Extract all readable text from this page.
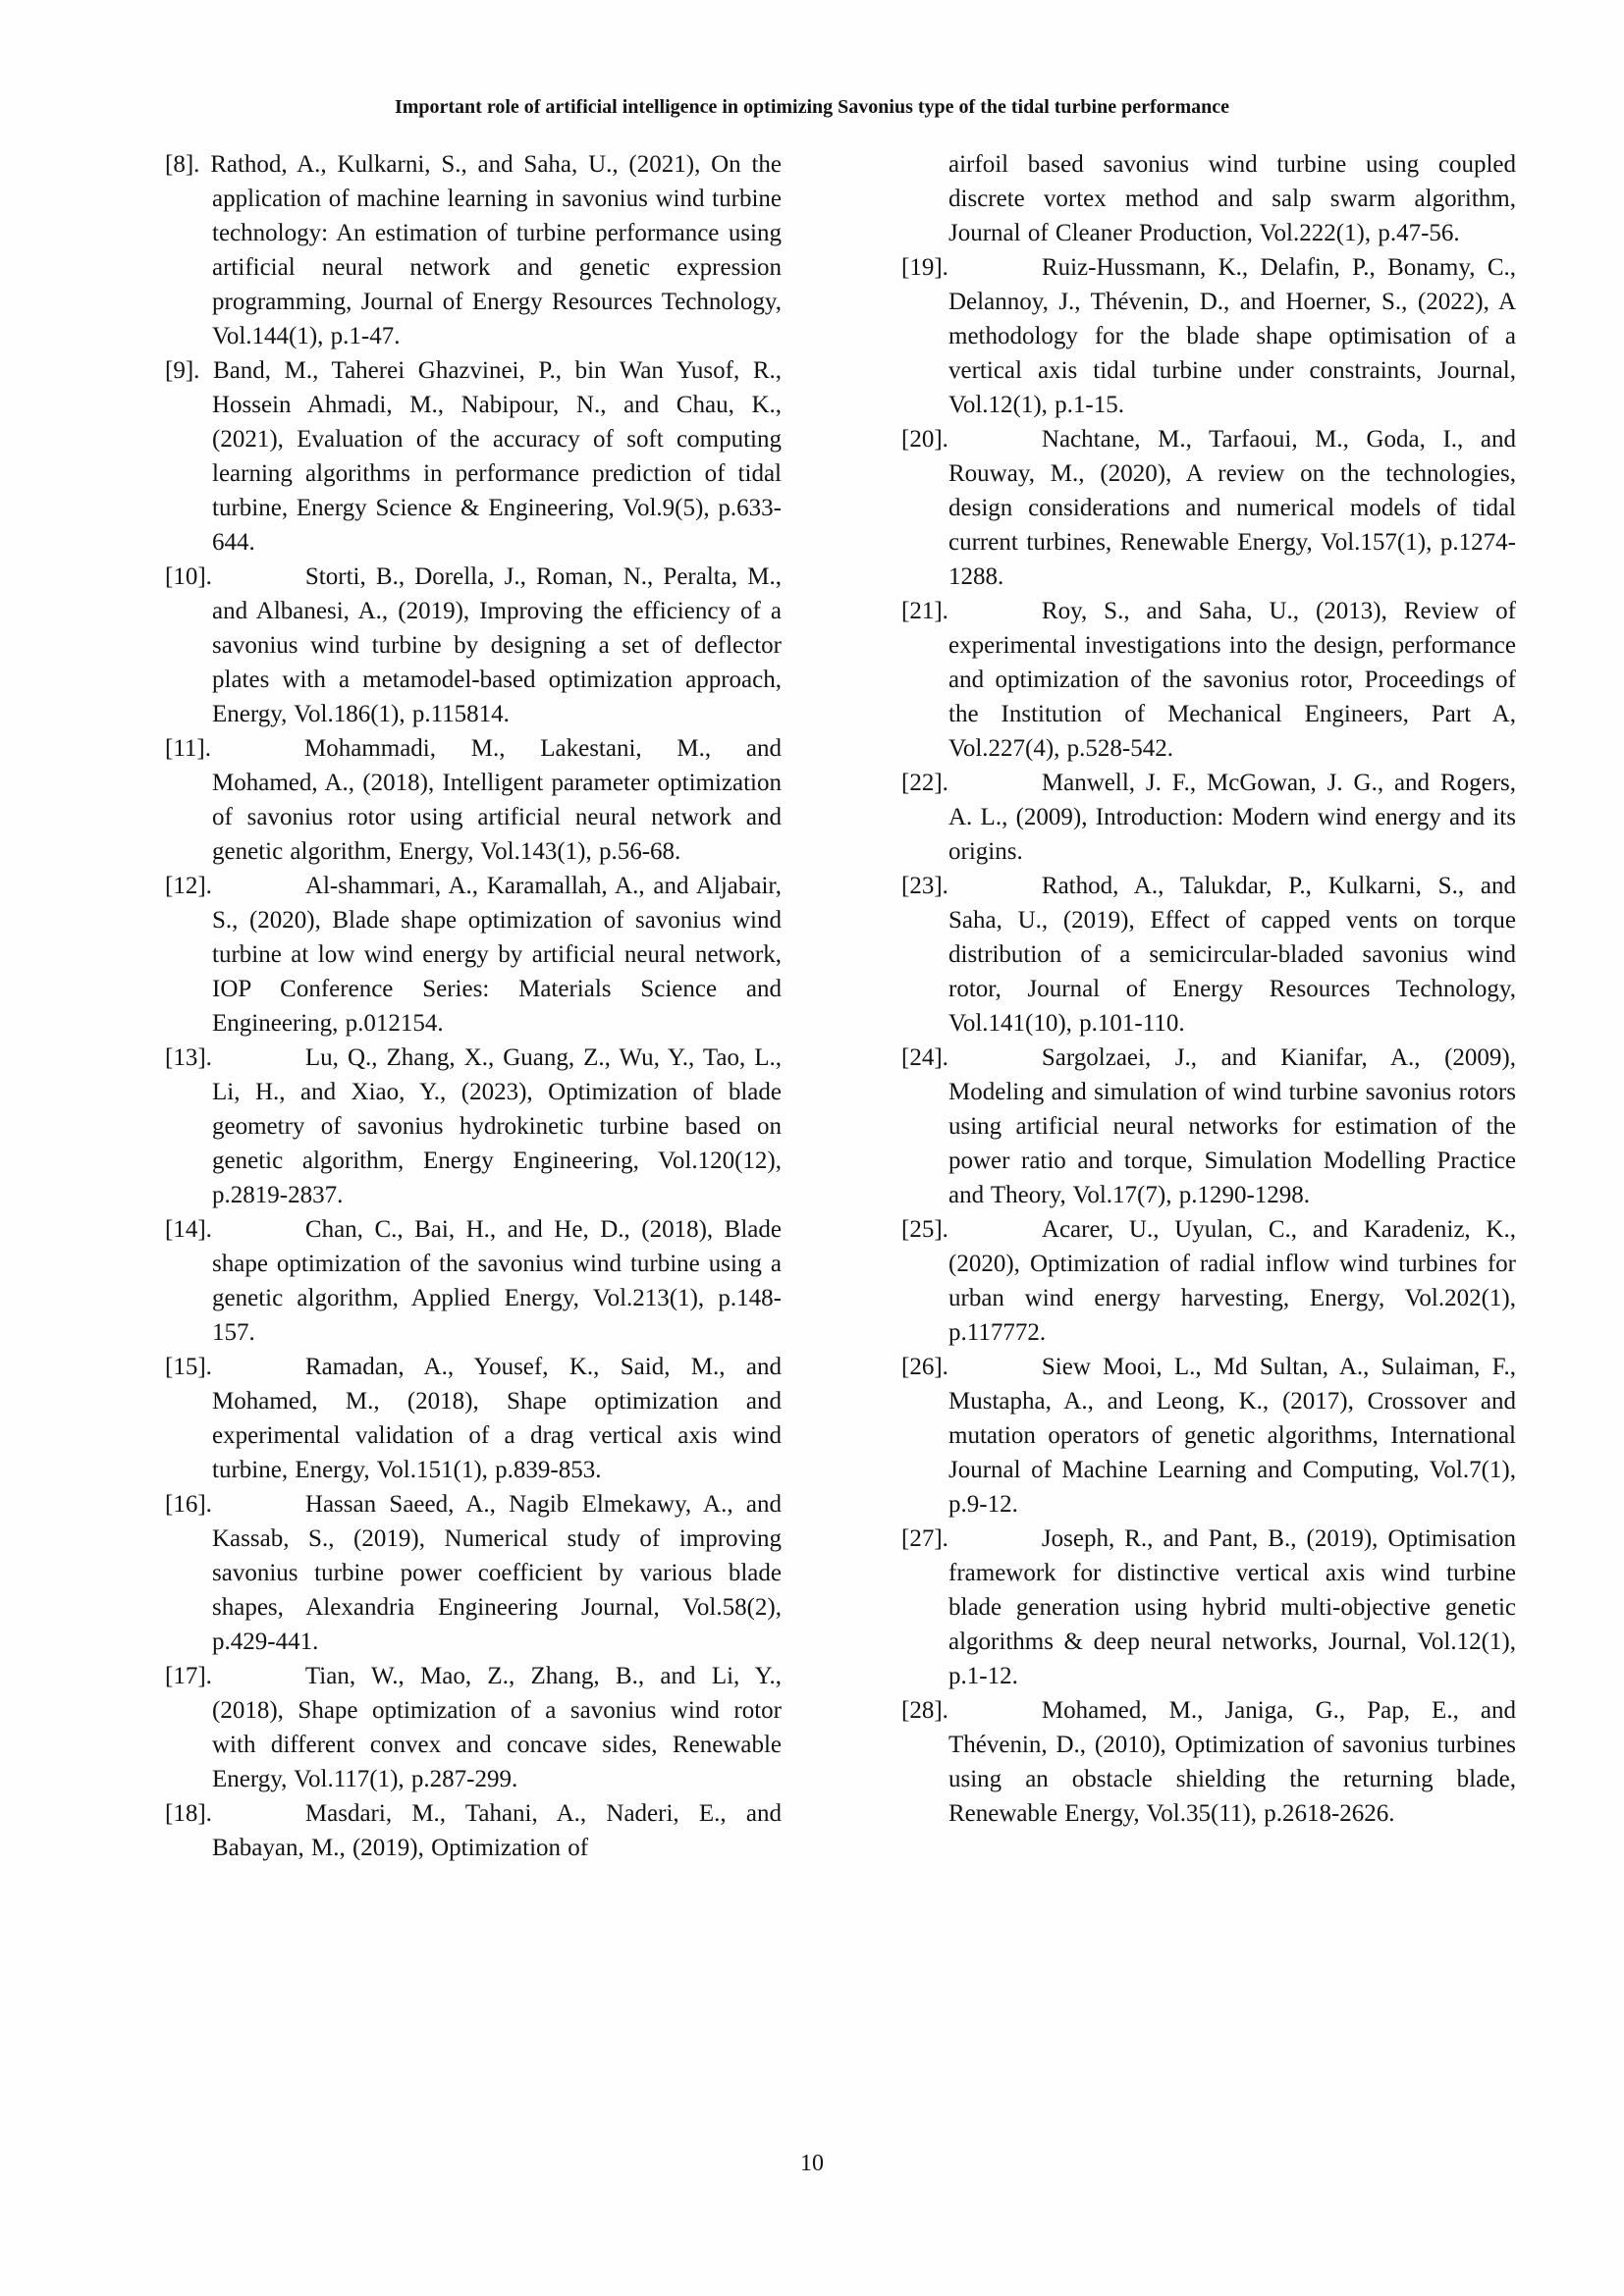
Important role of artificial intelligence in optimizing Savonius type of the tidal turbine performance

[8]. Rathod, A., Kulkarni, S., and Saha, U., (2021), On the application of machine learning in savonius wind turbine technology: An estimation of turbine performance using artificial neural network and genetic expression programming, Journal of Energy Resources Technology, Vol.144(1), p.1-47.

[9]. Band, M., Taherei Ghazvinei, P., bin Wan Yusof, R., Hossein Ahmadi, M., Nabipour, N., and Chau, K., (2021), Evaluation of the accuracy of soft computing learning algorithms in performance prediction of tidal turbine, Energy Science & Engineering, Vol.9(5), p.633-644.

[10].	Storti, B., Dorella, J., Roman, N., Peralta, M., and Albanesi, A., (2019), Improving the efficiency of a savonius wind turbine by designing a set of deflector plates with a metamodel-based optimization approach, Energy, Vol.186(1), p.115814.

[11].	Mohammadi, M., Lakestani, M., and Mohamed, A., (2018), Intelligent parameter optimization of savonius rotor using artificial neural network and genetic algorithm, Energy, Vol.143(1), p.56-68.

[12].	Al-shammari, A., Karamallah, A., and Aljabair, S., (2020), Blade shape optimization of savonius wind turbine at low wind energy by artificial neural network, IOP Conference Series: Materials Science and Engineering, p.012154.

[13].	Lu, Q., Zhang, X., Guang, Z., Wu, Y., Tao, L., Li, H., and Xiao, Y., (2023), Optimization of blade geometry of savonius hydrokinetic turbine based on genetic algorithm, Energy Engineering, Vol.120(12), p.2819-2837.

[14].	Chan, C., Bai, H., and He, D., (2018), Blade shape optimization of the savonius wind turbine using a genetic algorithm, Applied Energy, Vol.213(1), p.148-157.

[15].	Ramadan, A., Yousef, K., Said, M., and Mohamed, M., (2018), Shape optimization and experimental validation of a drag vertical axis wind turbine, Energy, Vol.151(1), p.839-853.

[16].	Hassan Saeed, A., Nagib Elmekawy, A., and Kassab, S., (2019), Numerical study of improving savonius turbine power coefficient by various blade shapes, Alexandria Engineering Journal, Vol.58(2), p.429-441.

[17].	Tian, W., Mao, Z., Zhang, B., and Li, Y., (2018), Shape optimization of a savonius wind rotor with different convex and concave sides, Renewable Energy, Vol.117(1), p.287-299.

[18].	Masdari, M., Tahani, A., Naderi, E., and Babayan, M., (2019), Optimization of

airfoil based savonius wind turbine using coupled discrete vortex method and salp swarm algorithm, Journal of Cleaner Production, Vol.222(1), p.47-56.

[19].	Ruiz-Hussmann, K., Delafin, P., Bonamy, C., Delannoy, J., Thévenin, D., and Hoerner, S., (2022), A methodology for the blade shape optimisation of a vertical axis tidal turbine under constraints, Journal, Vol.12(1), p.1-15.

[20].	Nachtane, M., Tarfaoui, M., Goda, I., and Rouway, M., (2020), A review on the technologies, design considerations and numerical models of tidal current turbines, Renewable Energy, Vol.157(1), p.1274-1288.

[21].	Roy, S., and Saha, U., (2013), Review of experimental investigations into the design, performance and optimization of the savonius rotor, Proceedings of the Institution of Mechanical Engineers, Part A, Vol.227(4), p.528-542.

[22].	Manwell, J. F., McGowan, J. G., and Rogers, A. L., (2009), Introduction: Modern wind energy and its origins.

[23].	Rathod, A., Talukdar, P., Kulkarni, S., and Saha, U., (2019), Effect of capped vents on torque distribution of a semicircular-bladed savonius wind rotor, Journal of Energy Resources Technology, Vol.141(10), p.101-110.

[24].	Sargolzaei, J., and Kianifar, A., (2009), Modeling and simulation of wind turbine savonius rotors using artificial neural networks for estimation of the power ratio and torque, Simulation Modelling Practice and Theory, Vol.17(7), p.1290-1298.

[25].	Acarer, U., Uyulan, C., and Karadeniz, K., (2020), Optimization of radial inflow wind turbines for urban wind energy harvesting, Energy, Vol.202(1), p.117772.

[26].	Siew Mooi, L., Md Sultan, A., Sulaiman, F., Mustapha, A., and Leong, K., (2017), Crossover and mutation operators of genetic algorithms, International Journal of Machine Learning and Computing, Vol.7(1), p.9-12.

[27].	Joseph, R., and Pant, B., (2019), Optimisation framework for distinctive vertical axis wind turbine blade generation using hybrid multi-objective genetic algorithms & deep neural networks, Journal, Vol.12(1), p.1-12.

[28].	Mohamed, M., Janiga, G., Pap, E., and Thévenin, D., (2010), Optimization of savonius turbines using an obstacle shielding the returning blade, Renewable Energy, Vol.35(11), p.2618-2626.

10
